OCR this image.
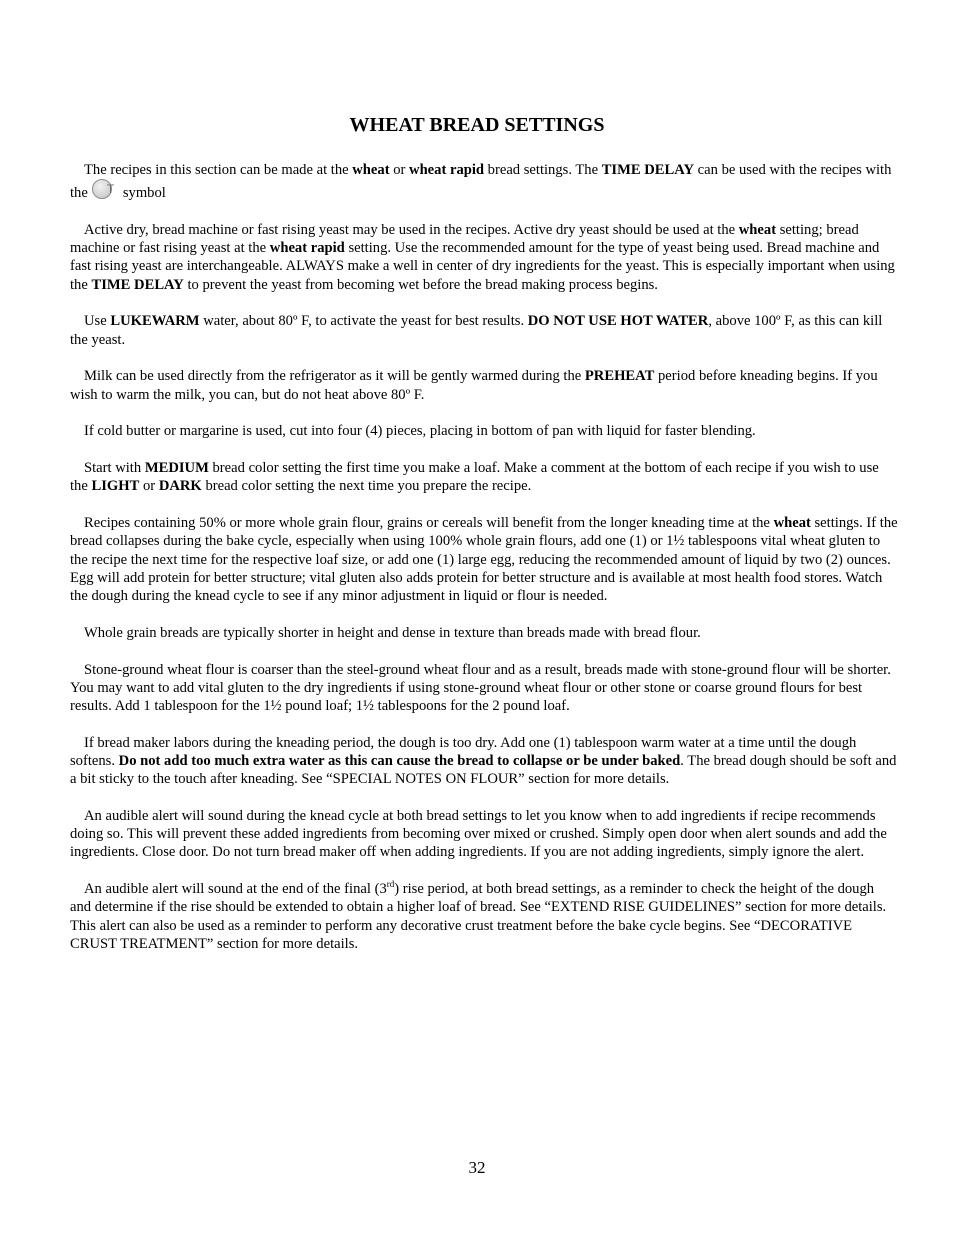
WHEAT BREAD SETTINGS

The recipes in this section can be made at the wheat or wheat rapid bread settings. The TIME DELAY can be used with the recipes with theT symbol

Active dry, bread machine or fast rising yeast may be used in the recipes. Active dry yeast should be used at the wheat setting; bread machine or fast rising yeast at the wheat rapid setting. Use the recommended amount for the type of yeast being used. Bread machine and fast rising yeast are interchangeable. ALWAYS make a well in center of dry ingredients for the yeast. This is especially important when using the TIME DELAY to prevent the yeast from becoming wet before the bread making process begins.

Use LUKEWARM water, about 80º F, to activate the yeast for best results. DO NOT USE HOT WATER, above 100º F, as this can kill the yeast.

Milk can be used directly from the refrigerator as it will be gently warmed during the PREHEAT period before kneading begins. If you wish to warm the milk, you can, but do not heat above 80º F.

If cold butter or margarine is used, cut into four (4) pieces, placing in bottom of pan with liquid for faster blending.

Start with MEDIUM bread color setting the first time you make a loaf. Make a comment at the bottom of each recipe if you wish to use the LIGHT or DARK bread color setting the next time you prepare the recipe.

Recipes containing 50% or more whole grain flour, grains or cereals will benefit from the longer kneading time at the wheat settings. If the bread collapses during the bake cycle, especially when using 100% whole grain flours, add one (1) or 1½ tablespoons vital wheat gluten to the recipe the next time for the respective loaf size, or add one (1) large egg, reducing the recommended amount of liquid by two (2) ounces. Egg will add protein for better structure; vital gluten also adds protein for better structure and is available at most health food stores. Watch the dough during the knead cycle to see if any minor adjustment in liquid or flour is needed.

Whole grain breads are typically shorter in height and dense in texture than breads made with bread flour.

Stone-ground wheat flour is coarser than the steel-ground wheat flour and as a result, breads made with stone-ground flour will be shorter. You may want to add vital gluten to the dry ingredients if using stone-ground wheat flour or other stone or coarse ground flours for best results. Add 1 tablespoon for the 1½ pound loaf; 1½ tablespoons for the 2 pound loaf.

If bread maker labors during the kneading period, the dough is too dry. Add one (1) tablespoon warm water at a time until the dough softens. Do not add too much extra water as this can cause the bread to collapse or be under baked. The bread dough should be soft and a bit sticky to the touch after kneading. See “SPECIAL NOTES ON FLOUR” section for more details.

An audible alert will sound during the knead cycle at both bread settings to let you know when to add ingredients if recipe recommends doing so. This will prevent these added ingredients from becoming over mixed or crushed. Simply open door when alert sounds and add the ingredients. Close door. Do not turn bread maker off when adding ingredients. If you are not adding ingredients, simply ignore the alert.

An audible alert will sound at the end of the final (3rd) rise period, at both bread settings, as a reminder to check the height of the dough and determine if the rise should be extended to obtain a higher loaf of bread. See “EXTEND RISE GUIDELINES” section for more details. This alert can also be used as a reminder to perform any decorative crust treatment before the bake cycle begins. See “DECORATIVE CRUST TREATMENT” section for more details.

32
